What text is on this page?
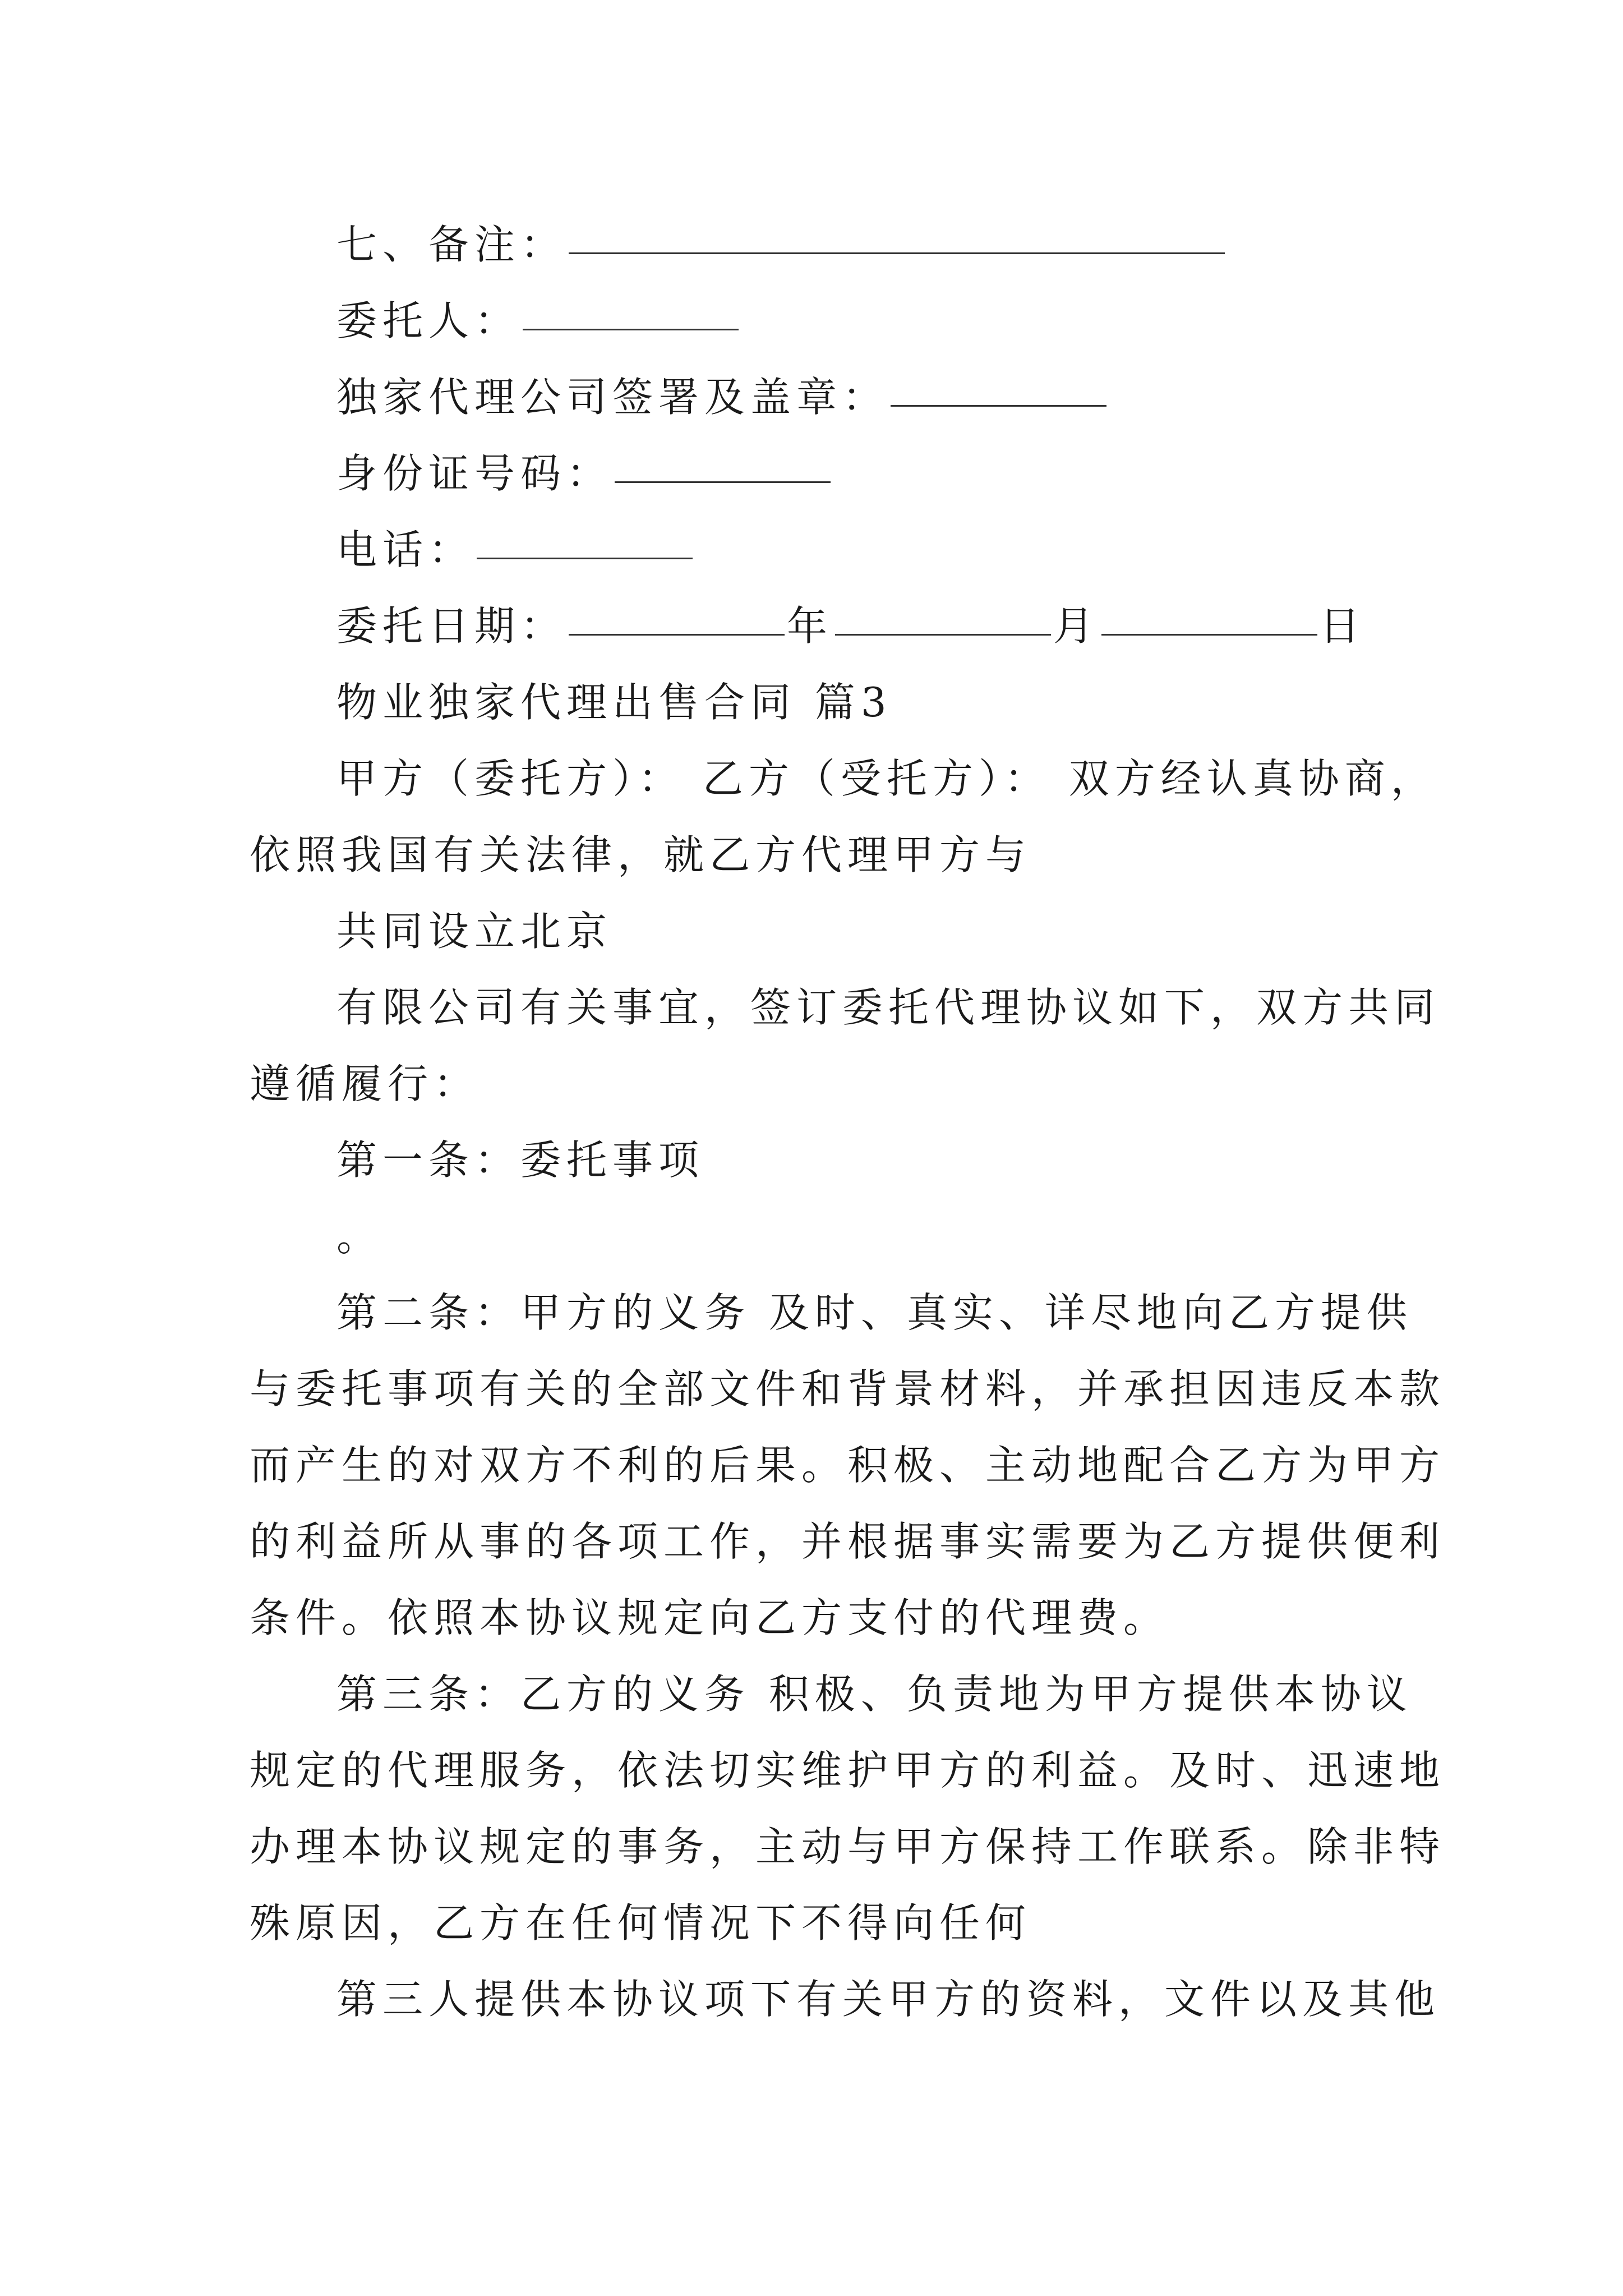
七、备注：
委托人：
独家代理公司签署及盖章：
身份证号码：
电话：
委托日期：	年	月	日
物业独家代理出售合同 篇3
甲方（委托方）： 乙方（受托方）： 双方经认真协商，
依照我国有关法律，就乙方代理甲方与
共同设立北京
有限公司有关事宜，签订委托代理协议如下，双方共同
遵循履行：
第一条：委托事项
。
第二条：甲方的义务 及时、真实、详尽地向乙方提供
与委托事项有关的全部文件和背景材料，并承担因违反本款
而产生的对双方不利的后果。积极、主动地配合乙方为甲方
的利益所从事的各项工作，并根据事实需要为乙方提供便利
条件。依照本协议规定向乙方支付的代理费。
第三条：乙方的义务 积极、负责地为甲方提供本协议
规定的代理服务，依法切实维护甲方的利益。及时、迅速地
办理本协议规定的事务，主动与甲方保持工作联系。除非特
殊原因，乙方在任何情况下不得向任何
第三人提供本协议项下有关甲方的资料，文件以及其他
